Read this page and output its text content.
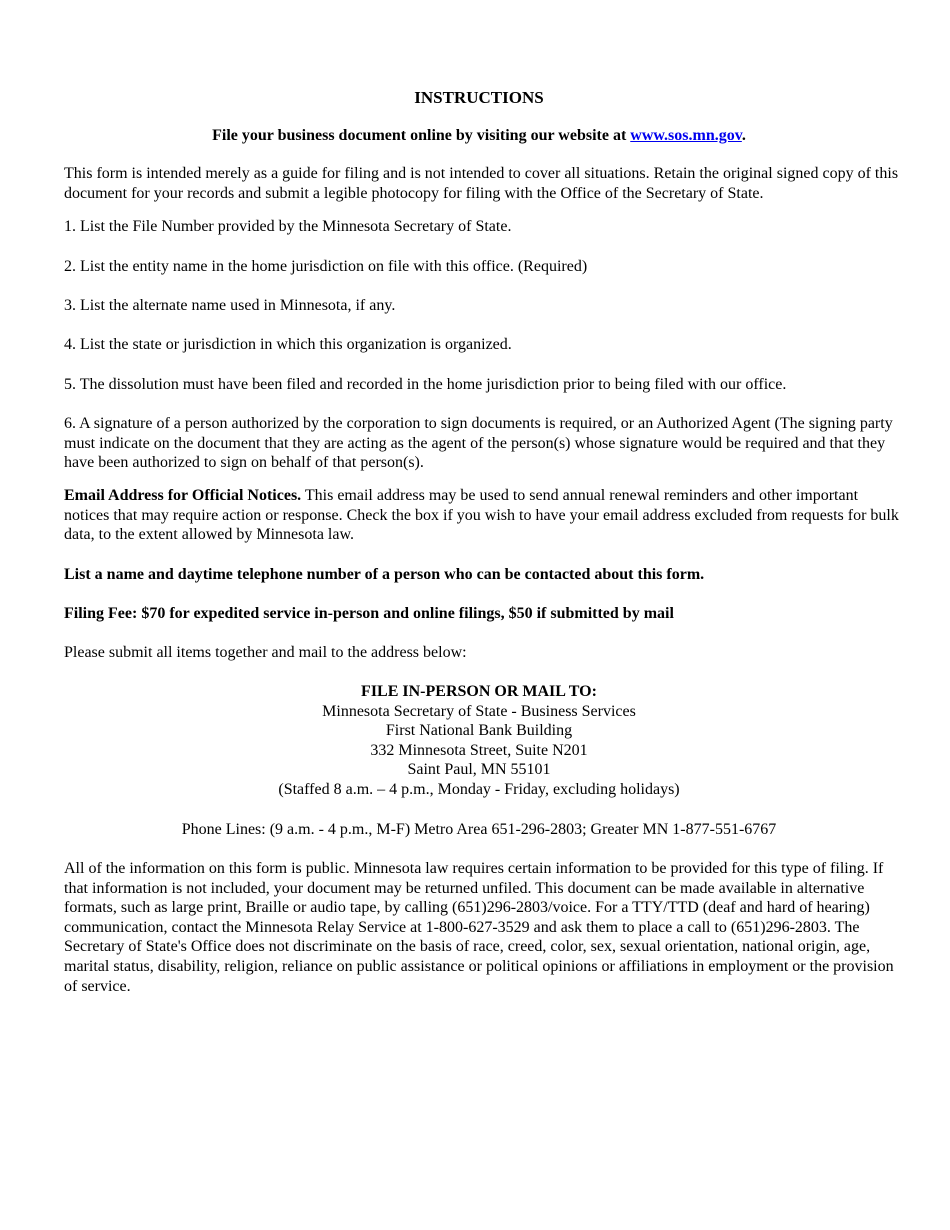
INSTRUCTIONS
File your business document online by visiting our website at www.sos.mn.gov.
This form is intended merely as a guide for filing and is not intended to cover all situations. Retain the original signed copy of this document for your records and submit a legible photocopy for filing with the Office of the Secretary of State.
1. List the File Number provided by the Minnesota Secretary of State.
2. List the entity name in the home jurisdiction on file with this office. (Required)
3. List the alternate name used in Minnesota, if any.
4. List the state or jurisdiction in which this organization is organized.
5. The dissolution must have been filed and recorded in the home jurisdiction prior to being filed with our office.
6. A signature of a person authorized by the corporation to sign documents is required, or an Authorized Agent (The signing party must indicate on the document that they are acting as the agent of the person(s) whose signature would be required and that they have been authorized to sign on behalf of that person(s).
Email Address for Official Notices. This email address may be used to send annual renewal reminders and other important notices that may require action or response. Check the box if you wish to have your email address excluded from requests for bulk data, to the extent allowed by Minnesota law.
List a name and daytime telephone number of a person who can be contacted about this form.
Filing Fee: $70 for expedited service in-person and online filings, $50 if submitted by mail
Please submit all items together and mail to the address below:
FILE IN-PERSON OR MAIL TO:
Minnesota Secretary of State - Business Services
First National Bank Building
332 Minnesota Street, Suite N201
Saint Paul, MN 55101
(Staffed 8 a.m. – 4 p.m., Monday - Friday, excluding holidays)
Phone Lines: (9 a.m. - 4 p.m., M-F) Metro Area 651-296-2803; Greater MN 1-877-551-6767
All of the information on this form is public. Minnesota law requires certain information to be provided for this type of filing. If that information is not included, your document may be returned unfiled. This document can be made available in alternative formats, such as large print, Braille or audio tape, by calling (651)296-2803/voice. For a TTY/TTD (deaf and hard of hearing) communication, contact the Minnesota Relay Service at 1-800-627-3529 and ask them to place a call to (651)296-2803. The Secretary of State's Office does not discriminate on the basis of race, creed, color, sex, sexual orientation, national origin, age, marital status, disability, religion, reliance on public assistance or political opinions or affiliations in employment or the provision of service.
